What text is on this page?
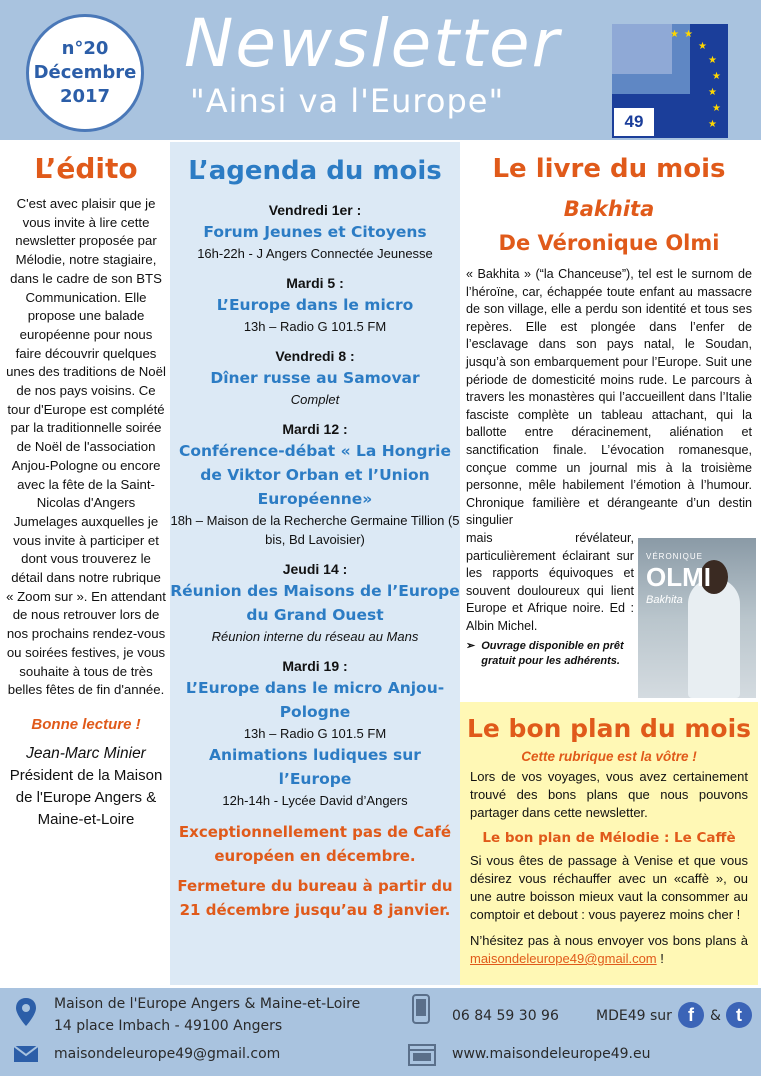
n°20
Décembre
2017
Newsletter
"Ainsi va l'Europe"
★
★
★
★
★
★
★
★
49
L’édito
C'est avec plaisir que je vous invite à lire cette newsletter proposée par Mélodie, notre stagiaire, dans le cadre de son BTS Communication. Elle propose une balade européenne pour nous faire découvrir quelques unes des traditions de Noël de nos pays voisins. Ce tour d'Europe est complété par la traditionnelle soirée de Noël de l'association Anjou-Pologne ou encore avec la fête de la Saint-Nicolas d'Angers Jumelages auxquelles je vous invite à participer et dont vous trouverez le détail dans notre rubrique « Zoom sur ». En attendant de nous retrouver lors de nos prochains rendez-vous ou soirées festives, je vous souhaite à tous de très belles fêtes de fin d'année.
Bonne lecture !
Jean-Marc Minier
Président de la Maison de l'Europe Angers & Maine-et-Loire
L’agenda du mois
Vendredi 1er :
Forum Jeunes et Citoyens
16h-22h - J Angers Connectée Jeunesse
Mardi 5 :
L’Europe dans le micro
13h – Radio G 101.5 FM
Vendredi 8 :
Dîner russe au Samovar
Complet
Mardi 12 :
Conférence-débat « La Hongrie de Viktor Orban et l’Union Européenne»
18h – Maison de la Recherche Germaine Tillion (5 bis, Bd Lavoisier)
Jeudi 14 :
Réunion des Maisons de l’Europe du Grand Ouest
Réunion interne du réseau au Mans
Mardi 19 :
L’Europe dans le micro Anjou-Pologne
13h – Radio G 101.5 FM
Animations ludiques sur l’Europe
12h-14h - Lycée David d’Angers
Exceptionnellement pas de Café européen en décembre.
Fermeture du bureau à partir du 21 décembre jusqu’au 8 janvier.
Le livre du mois
Bakhita
De Véronique Olmi
« Bakhita » (“la Chanceuse”), tel est le surnom de l’héroïne, car, échappée toute enfant au massacre de son village, elle a perdu son identité et tous ses repères. Elle est plongée dans l’enfer de l’esclavage dans son pays natal, le Soudan, jusqu’à son embarquement pour l’Europe. Suit une période de domesticité moins rude. Le parcours à travers les monastères qui l’accueillent dans l’Italie fasciste complète un tableau attachant, qui la ballotte entre déracinement, aliénation et sanctification finale. L’évocation romanesque, conçue comme un journal mis à la troisième personne, mêle habilement l’émotion à l’humour. Chronique familière et dérangeante d’un destin singulier
mais révélateur, particulièrement éclairant sur les rapports équivoques et souvent douloureux qui lient Europe et Afrique noire. Ed : Albin Michel.
➢ Ouvrage disponible en prêt gratuit pour les adhérents.
VÉRONIQUE
OLMI
Bakhita
Le bon plan du mois
Cette rubrique est la vôtre !
Lors de vos voyages, vous avez certainement trouvé des bons plans que nous pouvons partager dans cette newsletter.
Le bon plan de Mélodie : Le Caffè
Si vous êtes de passage à Venise et que vous désirez vous réchauffer avec un «caffè », ou une autre boisson mieux vaut la consommer au comptoir et debout : vous payerez moins cher !
N’hésitez pas à nous envoyer vos bons plans à maisondeleurope49@gmail.com !
Maison de l'Europe Angers & Maine-et-Loire
14 place Imbach - 49100 Angers
maisondeleurope49@gmail.com
06 84 59 30 96	MDE49 sur f	& t
www.maisondeleurope49.eu
